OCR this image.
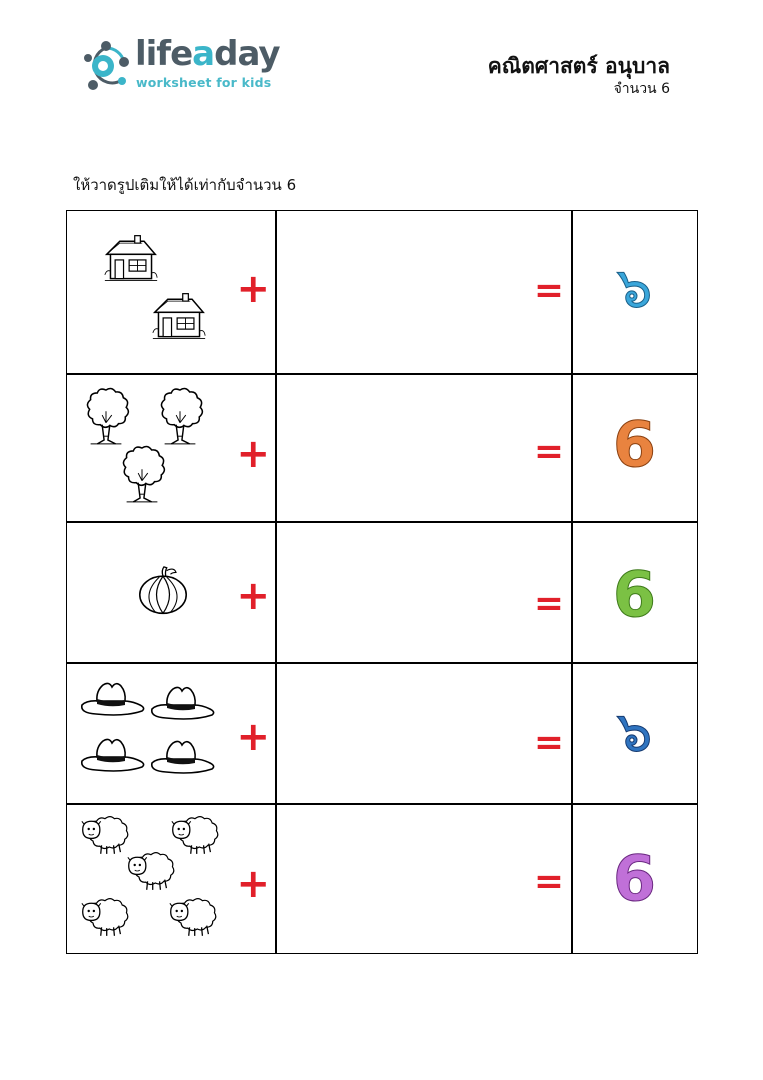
lifeaday
worksheet for kids
คณิตศาสตร์ อนุบาล
จำนวน 6
ให้วาดรูปเติมให้ได้เท่ากับจำนวน 6
+	= ๖
+	= 6
+	= 6
+	= ๖
+	= 6
